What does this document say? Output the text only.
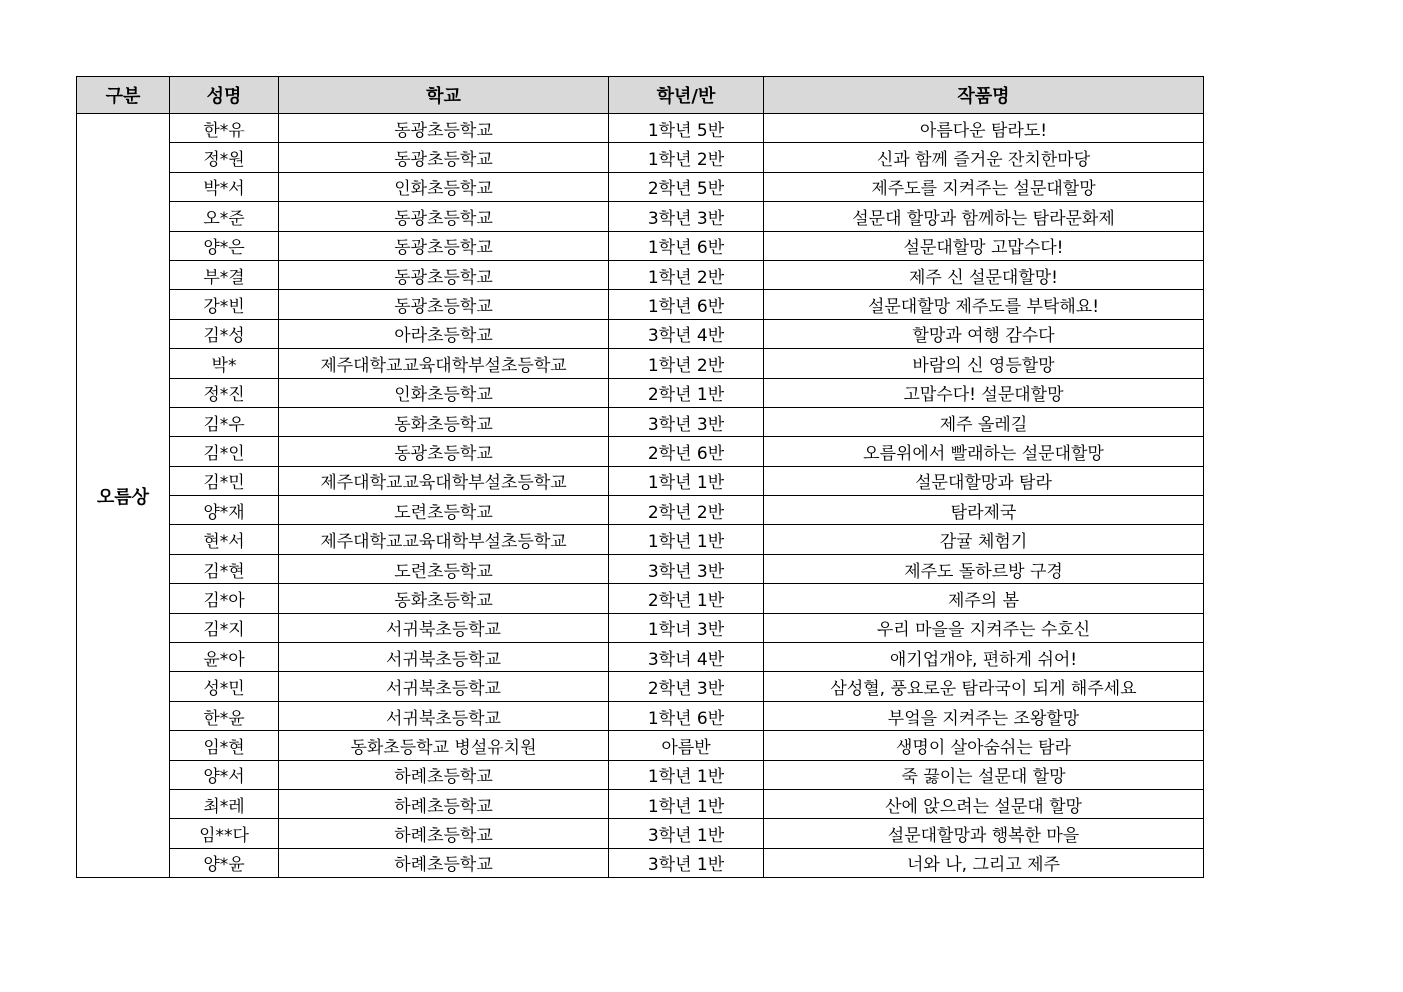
구분	성명	학교	학년/반	작품명
오름상	한*유	동광초등학교	1학년 5반	아름다운 탐라도!
	정*원	동광초등학교	1학년 2반	신과 함께 즐거운 잔치한마당
	박*서	인화초등학교	2학년 5반	제주도를 지켜주는 설문대할망
	오*준	동광초등학교	3학년 3반	설문대 할망과 함께하는 탐라문화제
	양*은	동광초등학교	1학년 6반	설문대할망 고맙수다!
	부*결	동광초등학교	1학년 2반	제주 신 설문대할망!
	강*빈	동광초등학교	1학년 6반	설문대할망 제주도를 부탁해요!
	김*성	아라초등학교	3학년 4반	할망과 여행 감수다
	박*	제주대학교교육대학부설초등학교	1학년 2반	바람의 신 영등할망
	정*진	인화초등학교	2학년 1반	고맙수다! 설문대할망
	김*우	동화초등학교	3학년 3반	제주 올레길
	김*인	동광초등학교	2학년 6반	오름위에서 빨래하는 설문대할망
	김*민	제주대학교교육대학부설초등학교	1학년 1반	설문대할망과 탐라
	양*재	도련초등학교	2학년 2반	탐라제국
	현*서	제주대학교교육대학부설초등학교	1학년 1반	감귤 체험기
	김*현	도련초등학교	3학년 3반	제주도 돌하르방 구경
	김*아	동화초등학교	2학년 1반	제주의 봄
	김*지	서귀북초등학교	1학녀 3반	우리 마을을 지켜주는 수호신
	윤*아	서귀북초등학교	3학녀 4반	애기업개야, 편하게 쉬어!
	성*민	서귀북초등학교	2학년 3반	삼성혈, 풍요로운 탐라국이 되게 해주세요
	한*윤	서귀북초등학교	1학년 6반	부엌을 지켜주는 조왕할망
	임*현	동화초등학교 병설유치원	아름반	생명이 살아숨쉬는 탐라
	양*서	하례초등학교	1학년 1반	죽 끓이는 설문대 할망
	최*레	하례초등학교	1학년 1반	산에 앉으려는 설문대 할망
	임**다	하례초등학교	3학년 1반	설문대할망과 행복한 마을
	양*윤	하례초등학교	3학년 1반	너와 나, 그리고 제주
